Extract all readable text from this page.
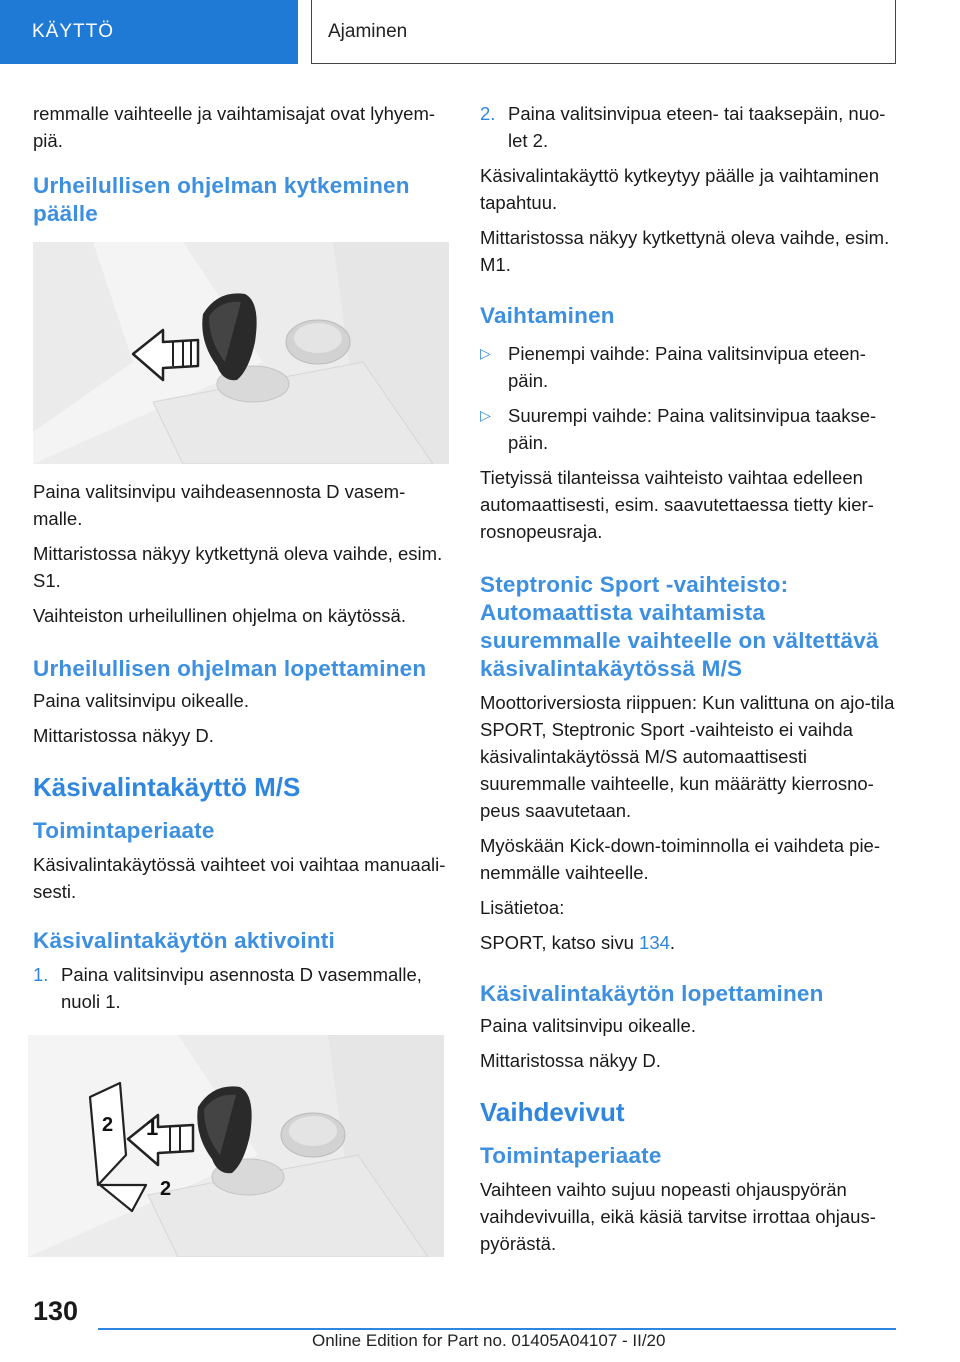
KÄYTTÖ	Ajaminen

remmalle vaihteelle ja vaihtamisajat ovat lyhyem-piä.

Urheilullisen ohjelman kytkeminen päälle

Paina valitsinvipu vaihdeasennosta D vasem-malle.

Mittaristossa näkyy kytkettynä oleva vaihde, esim. S1.

Vaihteiston urheilullinen ohjelma on käytössä.

Urheilullisen ohjelman lopettaminen

Paina valitsinvipu oikealle.

Mittaristossa näkyy D.

Käsivalintakäyttö M/S
Toimintaperiaate

Käsivalintakäytössä vaihteet voi vaihtaa manuaali-sesti.

Käsivalintakäytön aktivointi
1. Paina valitsinvipu asennosta D vasemmalle, nuoli 1.
2 1
2
2. Paina valitsinvipua eteen- tai taaksepäin, nuo-let 2.

Käsivalintakäyttö kytkeytyy päälle ja vaihtaminen tapahtuu.

Mittaristossa näkyy kytkettynä oleva vaihde, esim. M1.

Vaihtaminen
▷ Pienempi vaihde: Paina valitsinvipua eteen-päin.
▷ Suurempi vaihde: Paina valitsinvipua taakse-päin.

Tietyissä tilanteissa vaihteisto vaihtaa edelleen automaattisesti, esim. saavutettaessa tietty kier-rosnopeusraja.

Steptronic Sport -vaihteisto: Automaattista vaihtamista suuremmalle vaihteelle on vältettävä käsivalintakäytössä M/S

Moottoriversiosta riippuen: Kun valittuna on ajo-tila SPORT, Steptronic Sport -vaihteisto ei vaihda käsivalintakäytössä M/S automaattisesti suuremmalle vaihteelle, kun määrätty kierrosno-peus saavutetaan.

Myöskään Kick-down-toiminnolla ei vaihdeta pie-nemmälle vaihteelle.

Lisätietoa:

SPORT, katso sivu 134.

Käsivalintakäytön lopettaminen

Paina valitsinvipu oikealle.

Mittaristossa näkyy D.

Vaihdevivut
Toimintaperiaate

Vaihteen vaihto sujuu nopeasti ohjauspyörän vaihdevivuilla, eikä käsiä tarvitse irrottaa ohjaus-pyörästä.

130
Online Edition for Part no. 01405A04107 - II/20
